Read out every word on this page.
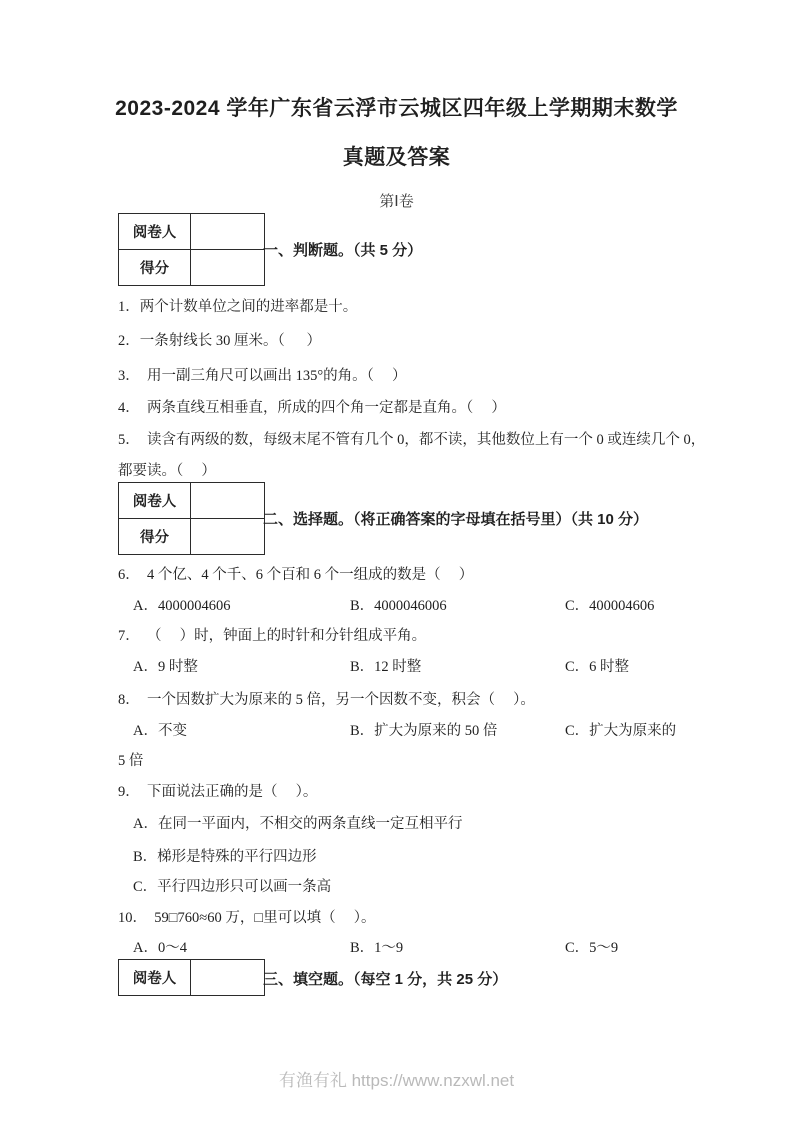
2023-2024 学年广东省云浮市云城区四年级上学期期末数学
真题及答案
第Ⅰ卷
阅卷人
得分
一、判断题。（共 5 分）
1．两个计数单位之间的进率都是十。
2．一条射线长 30 厘米。（      ）
3．  用一副三角尺可以画出 135°的角。（     ）
4．  两条直线互相垂直，所成的四个角一定都是直角。（     ）
5．  读含有两级的数，每级末尾不管有几个 0，都不读，其他数位上有一个 0 或连续几个 0，
都要读。（     ）
阅卷人
得分
二、选择题。（将正确答案的字母填在括号里）（共 10 分）
6．  4 个亿、4 个千、6 个百和 6 个一组成的数是（     ）
A．4000004606	B．4000046006	C．400004606
7．  （     ）时，钟面上的时针和分针组成平角。
A．9 时整	B．12 时整	C．6 时整
8．  一个因数扩大为原来的 5 倍，另一个因数不变，积会（     ）。
A．不变	B．扩大为原来的 50 倍	C．扩大为原来的
5 倍
9．  下面说法正确的是（     ）。
A．在同一平面内，不相交的两条直线一定互相平行
B．梯形是特殊的平行四边形
C．平行四边形只可以画一条高
10．  59□760≈60 万，□里可以填（     ）。
A．0～4	B．1～9	C．5～9
阅卷人	三、填空题。（每空 1 分，共 25 分）
有渔有礼 https://www.nzxwl.net
